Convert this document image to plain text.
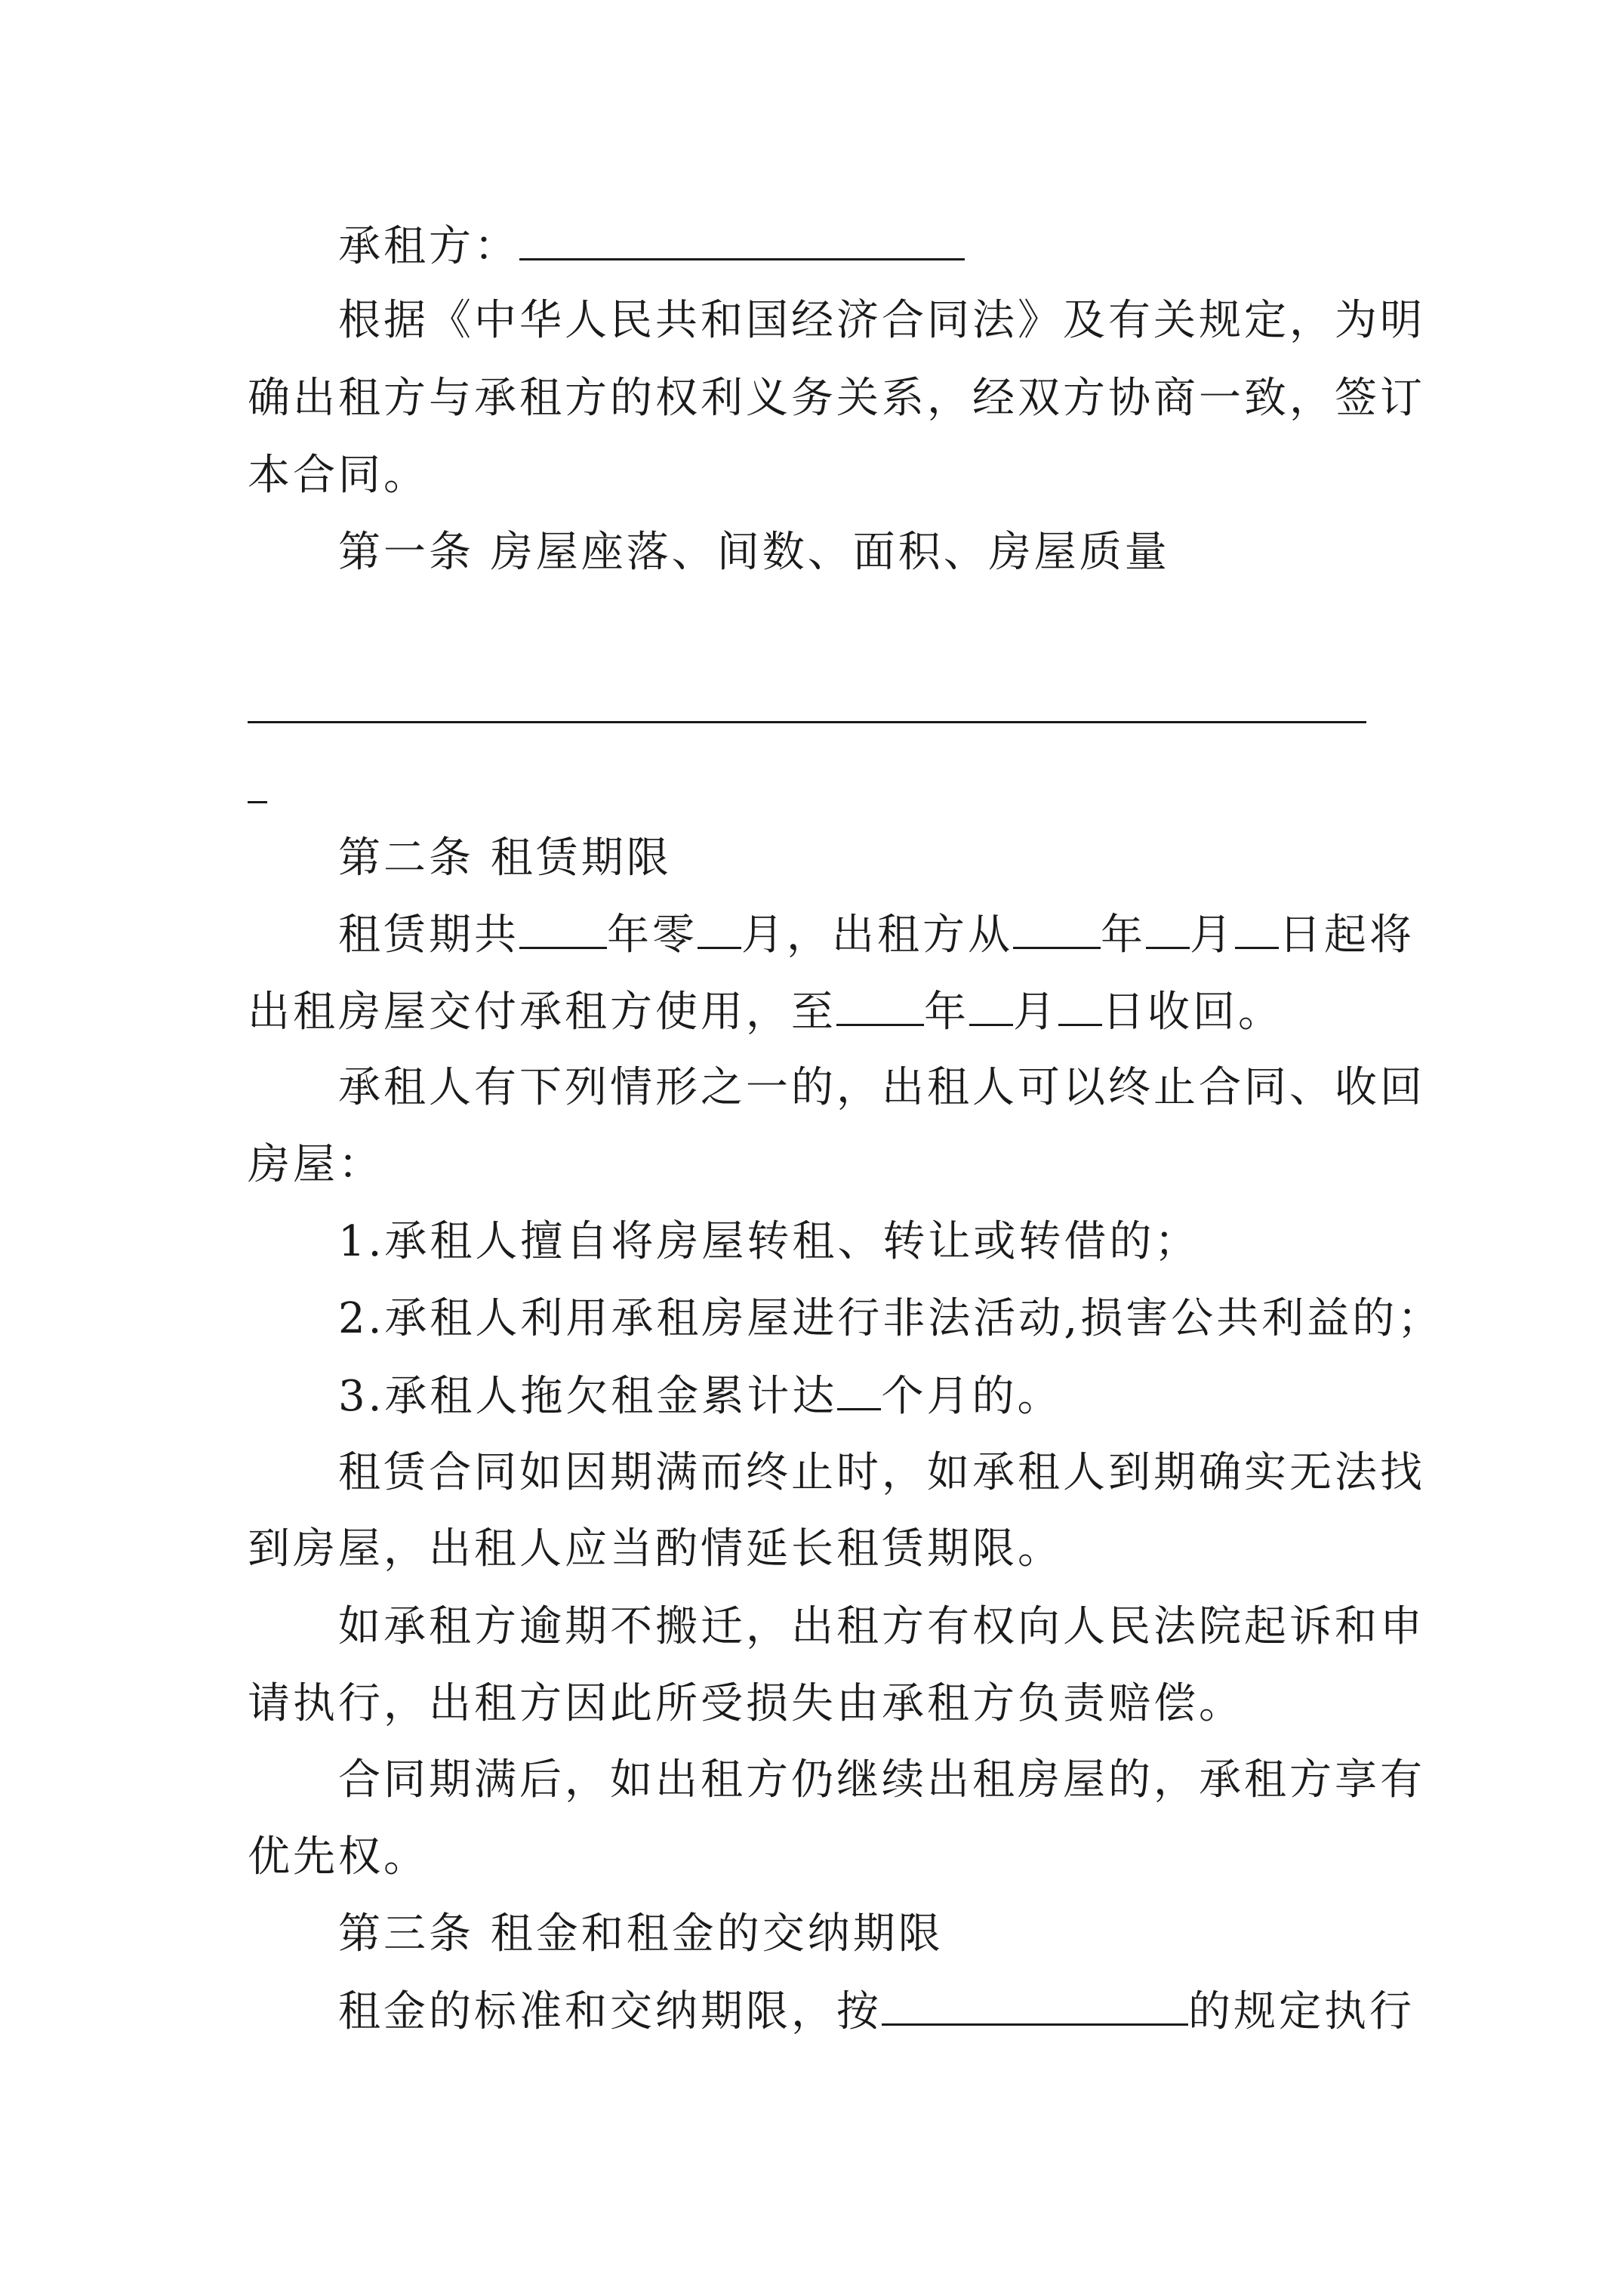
承租方：
根据《中华人民共和国经济合同法》及有关规定，为明
确出租方与承租方的权利义务关系，经双方协商一致，签订
本合同。
第一条 房屋座落、间数、面积、房屋质量
第二条 租赁期限
租赁期共 年零 月，出租方从 年 月 日起将
出租房屋交付承租方使用，至 年 月 日收回。
承租人有下列情形之一的，出租人可以终止合同、收回
房屋：
1.承租人擅自将房屋转租、转让或转借的；
2.承租人利用承租房屋进行非法活动,损害公共利益的；
3.承租人拖欠租金累计达 个月的。
租赁合同如因期满而终止时，如承租人到期确实无法找
到房屋，出租人应当酌情延长租赁期限。
如承租方逾期不搬迁，出租方有权向人民法院起诉和申
请执行，出租方因此所受损失由承租方负责赔偿。
合同期满后，如出租方仍继续出租房屋的，承租方享有
优先权。
第三条 租金和租金的交纳期限
租金的标准和交纳期限，按	的规定执行
